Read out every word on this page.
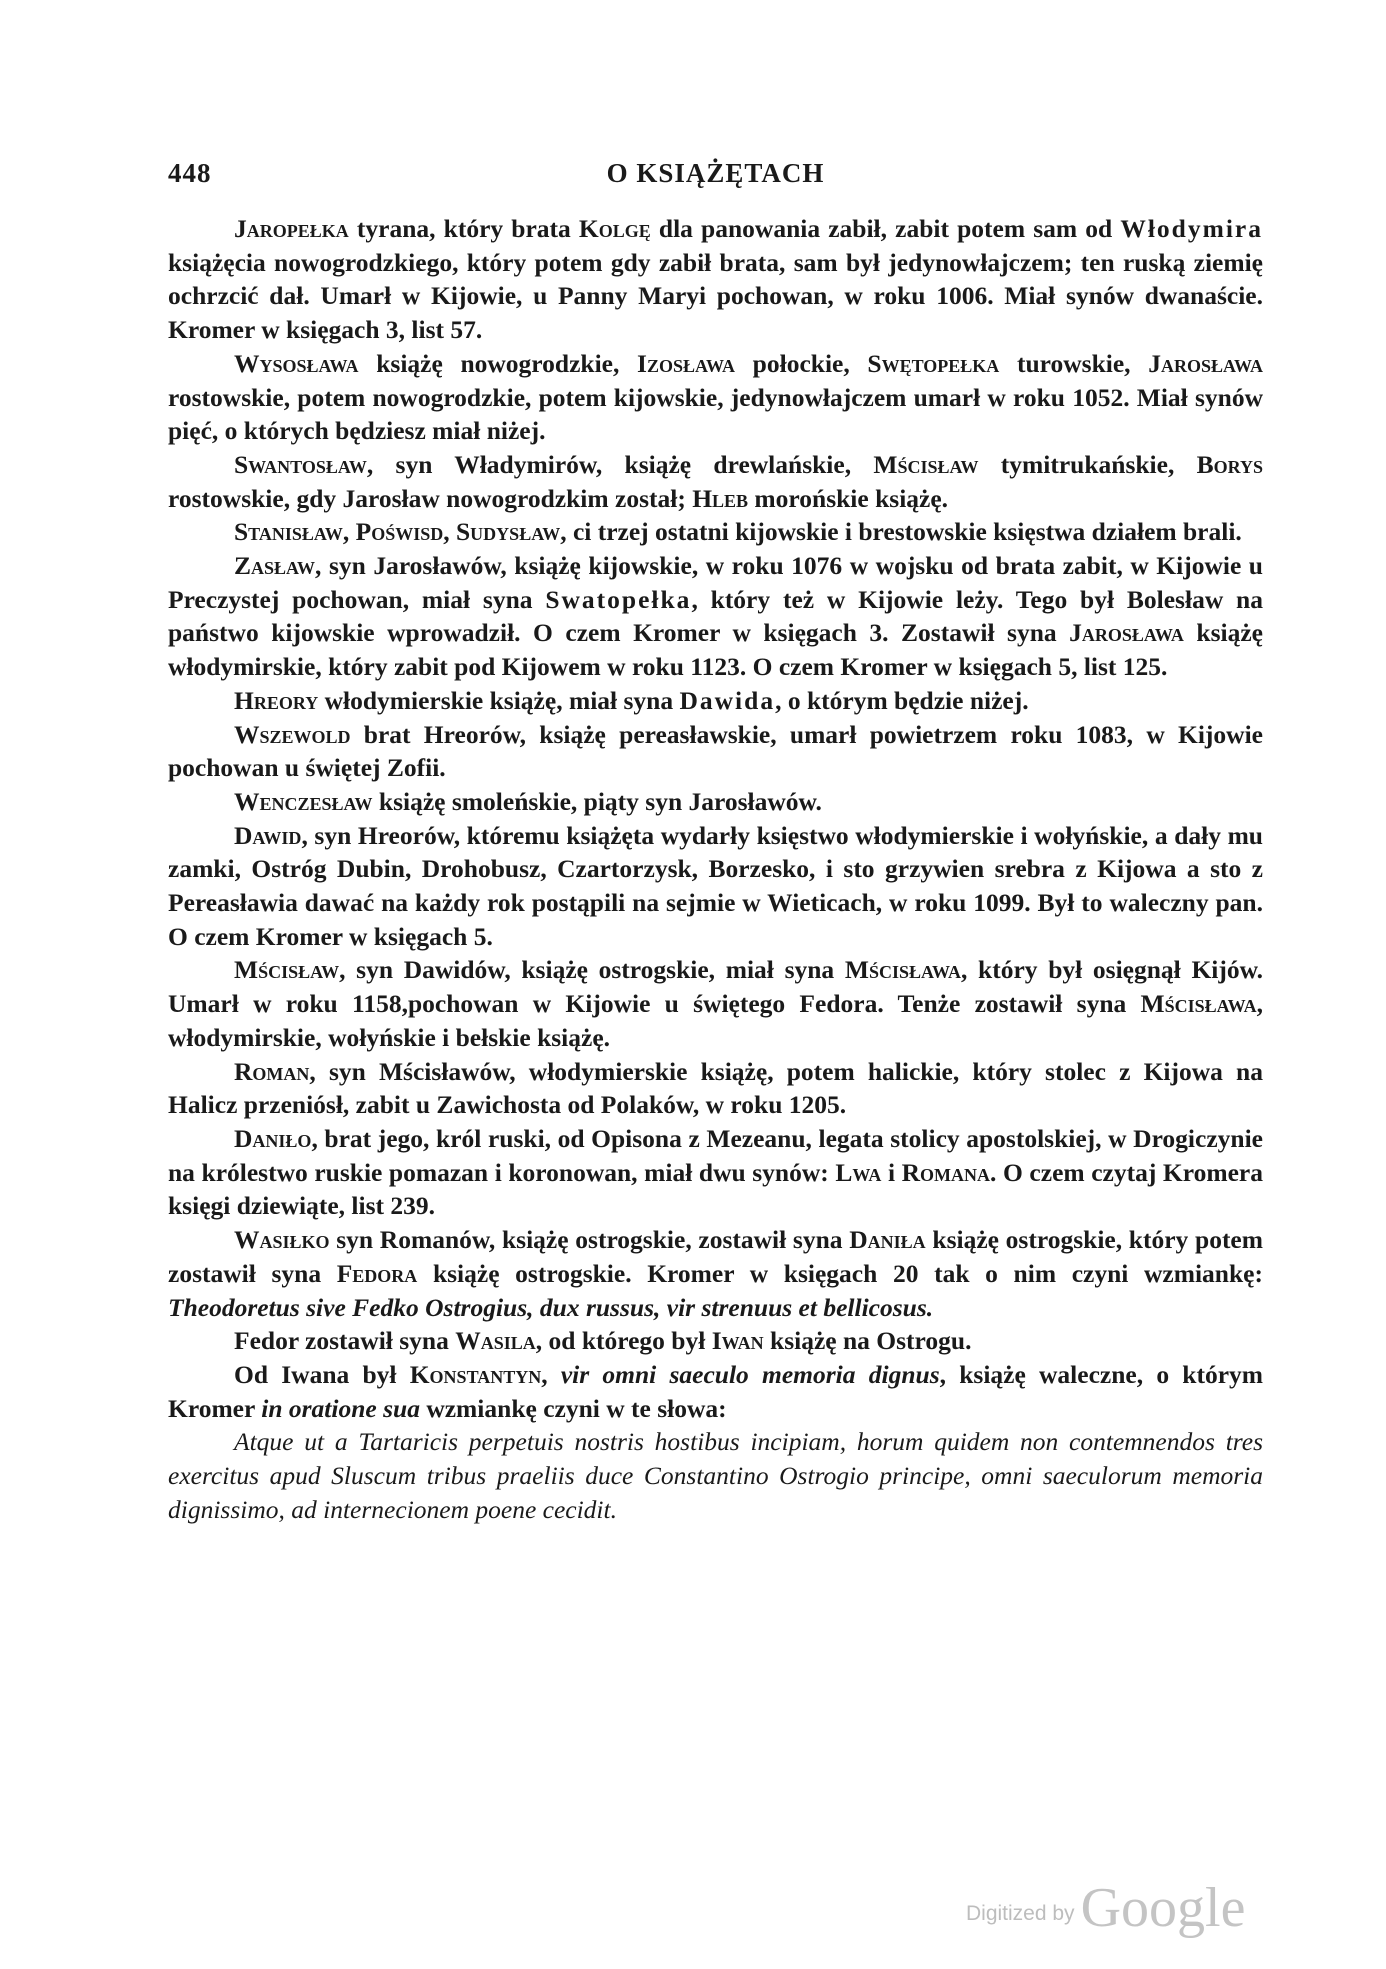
448	O KSIĄŻĘTACH

Jaropełka tyrana, który brata Kolgę dla panowania zabił, zabit potem sam od Włodymira książęcia nowogrodzkiego, który potem gdy zabił brata, sam był jedynowłajczem; ten ruską ziemię ochrzcić dał. Umarł w Kijowie, u Panny Maryi pochowan, w roku 1006. Miał synów dwanaście. Kromer w księgach 3, list 57.

Wysosława książę nowogrodzkie, Izosława połockie, Swętopełka turowskie, Jarosława rostowskie, potem nowogrodzkie, potem kijowskie, jedynowłajczem umarł w roku 1052. Miał synów pięć, o których będziesz miał niżej.

Swantosław, syn Władymirów, książę drewlańskie, Mścisław tymitrukańskie, Borys rostowskie, gdy Jarosław nowogrodzkim został; Hleb morońskie książę.

Stanisław, Poświsd, Sudysław, ci trzej ostatni kijowskie i brestowskie księstwa działem brali.

Zasław, syn Jarosławów, książę kijowskie, w roku 1076 w wojsku od brata zabit, w Kijowie u Preczystej pochowan, miał syna Swatopełka, który też w Kijowie leży. Tego był Bolesław na państwo kijowskie wprowadził. O czem Kromer w księgach 3. Zostawił syna Jarosława książę włodymirskie, który zabit pod Kijowem w roku 1123. O czem Kromer w księgach 5, list 125.

Hreory włodymierskie książę, miał syna Dawida, o którym będzie niżej.

Wszewold brat Hreorów, książę pereasławskie, umarł powietrzem roku 1083, w Kijowie pochowan u świętej Zofii.

Wenczesław książę smoleńskie, piąty syn Jarosławów.

Dawid, syn Hreorów, któremu książęta wydarły księstwo włodymierskie i wołyńskie, a dały mu zamki, Ostróg Dubin, Drohobusz, Czartorzysk, Borzesko, i sto grzywien srebra z Kijowa a sto z Pereasławia dawać na każdy rok postąpili na sejmie w Wieticach, w roku 1099. Był to waleczny pan. O czem Kromer w księgach 5.

Mścisław, syn Dawidów, książę ostrogskie, miał syna Mścisława, który był osięgnął Kijów. Umarł w roku 1158,pochowan w Kijowie u świętego Fedora. Tenże zostawił syna Mścisława, włodymirskie, wołyńskie i bełskie książę.

Roman, syn Mścisławów, włodymierskie książę, potem halickie, który stolec z Kijowa na Halicz przeniósł, zabit u Zawichosta od Polaków, w roku 1205.

Daniło, brat jego, król ruski, od Opisona z Mezeanu, legata stolicy apostolskiej, w Drogiczynie na królestwo ruskie pomazan i koronowan, miał dwu synów: Lwa i Romana. O czem czytaj Kromera księgi dziewiąte, list 239.

Wasiłko syn Romanów, książę ostrogskie, zostawił syna Daniła książę ostrogskie, który potem zostawił syna Fedora książę ostrogskie. Kromer w księgach 20 tak o nim czyni wzmiankę: Theodoretus sive Fedko Ostrogius, dux russus, vir strenuus et bellicosus.

Fedor zostawił syna Wasila, od którego był Iwan książę na Ostrogu.

Od Iwana był Konstantyn, vir omni saeculo memoria dignus, książę waleczne, o którym Kromer in oratione sua wzmiankę czyni w te słowa:

Atque ut a Tartaricis perpetuis nostris hostibus incipiam, horum quidem non contemnendos tres exercitus apud Sluscum tribus praeliis duce Constantino Ostrogio principe, omni saeculorum memoria dignissimo, ad internecionem poene cecidit.

Digitized by Google
